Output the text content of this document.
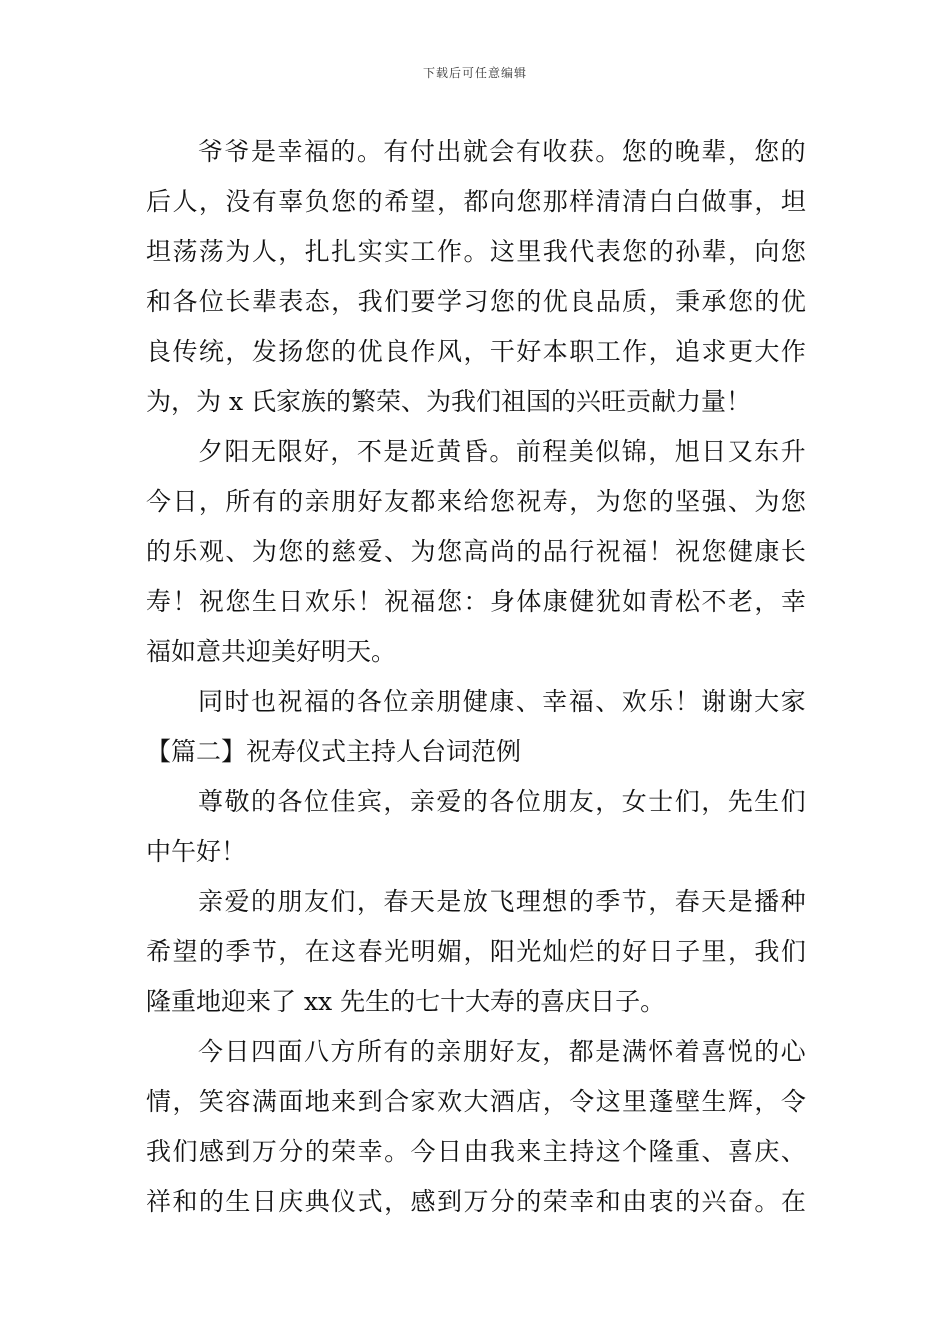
下载后可任意编辑
爷 爷 是 幸 福 的 。 有 付 出 就 会 有 收 获 。 您 的 晚 辈 ， 您 的
后 人 ， 没 有 辜 负 您 的 希 望 ， 都 向 您 那 样 清 清 白 白 做 事 ， 坦
坦 荡 荡 为 人 ， 扎 扎 实 实 工 作 。 这 里 我 代 表 您 的 孙 辈 ， 向 您
和 各 位 长 辈 表 态 ， 我 们 要 学 习 您 的 优 良 品 质 ， 秉 承 您 的 优
良 传 统 ， 发 扬 您 的 优 良 作 风 ， 干 好 本 职 工 作 ， 追 求 更 大 作
为，为 x 氏家族的繁荣、为我们祖国的兴旺贡献力量！
夕 阳 无 限 好 ， 不 是 近 黄 昏 。 前 程 美 似 锦 ， 旭 日 又 东 升
今 日 ， 所 有 的 亲 朋 好 友 都 来 给 您 祝 寿 ， 为 您 的 坚 强 、 为 您
的 乐 观 、 为 您 的 慈 爱 、 为 您 高 尚 的 品 行 祝 福 ！ 祝 您 健 康 长
寿 ！ 祝 您 生 日 欢 乐 ！ 祝 福 您 ： 身 体 康 健 犹 如 青 松 不 老 ， 幸
福如意共迎美好明天。
同 时 也 祝 福 的 各 位 亲 朋 健 康 、 幸 福 、 欢 乐 ！ 谢 谢 大 家
【篇二】祝寿仪式主持人台词范例
尊 敬 的 各 位 佳 宾 ， 亲 爱 的 各 位 朋 友 ， 女 士 们 ， 先 生 们
中午好！
亲 爱 的 朋 友 们 ， 春 天 是 放 飞 理 想 的 季 节 ， 春 天 是 播 种
希 望 的 季 节 ， 在 这 春 光 明 媚 ， 阳 光 灿 烂 的 好 日 子 里 ， 我 们
隆重地迎来了 xx 先生的七十大寿的喜庆日子。
今 日 四 面 八 方 所 有 的 亲 朋 好 友 ， 都 是 满 怀 着 喜 悦 的 心
情 ， 笑 容 满 面 地 来 到 合 家 欢 大 酒 店 ， 令 这 里 蓬 壁 生 辉 ， 令
我 们 感 到 万 分 的 荣 幸 。 今 日 由 我 来 主 持 这 个 隆 重 、 喜 庆 、
祥 和 的 生 日 庆 典 仪 式 ， 感 到 万 分 的 荣 幸 和 由 衷 的 兴 奋 。 在
